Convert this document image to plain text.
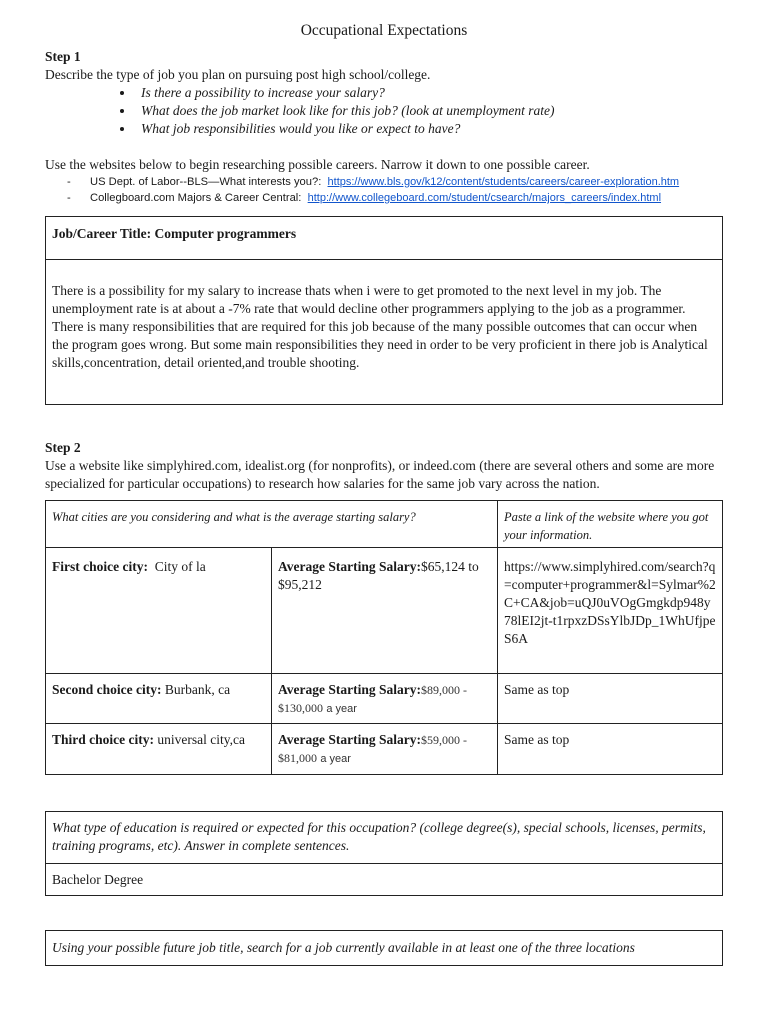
Occupational Expectations

Step 1

Describe the type of job you plan on pursuing post high school/college.

• Is there a possibility to increase your salary?
• What does the job market look like for this job? (look at unemployment rate)
• What job responsibilities would you like or expect to have?

Use the websites below to begin researching possible careers. Narrow it down to one possible career.

- US Dept. of Labor--BLS—What interests you?: https://www.bls.gov/k12/content/students/careers/career-exploration.htm
- Collegboard.com Majors & Career Central: http://www.collegeboard.com/student/csearch/majors_careers/index.html
Job/Career Title: Computer programmers
There is a possibility for my salary to increase thats when i were to get promoted to the next level in my job. The unemployment rate is at about a -7% rate that would decline other programmers applying to the job as a programmer. There is many responsibilities that are required for this job because of the many possible outcomes that can occur when the program goes wrong. But some main responsibilities they need in order to be very proficient in there job is Analytical skills,concentration, detail oriented,and trouble shooting.

Step 2

Use a website like simplyhired.com, idealist.org (for nonprofits), or indeed.com (there are several others and some are more specialized for particular occupations) to research how salaries for the same job vary across the nation.

What cities are you considering and what is the average starting salary?		Paste a link of the website where you got your information.
First choice city: City of la	Average Starting Salary:$65,124 to $95,212	https://www.simplyhired.com/search?q=computer+programmer&l=Sylmar%2C+CA&job=uQJ0uVOgGmgkdp948y78lEI2jt-t1rpxzDSsYlbJDp_1WhUfjpeS6A
Second choice city: Burbank, ca	Average Starting Salary:$89,000 - $130,000 a year	Same as top
Third choice city: universal city,ca	Average Starting Salary:$59,000 - $81,000 a year	Same as top
What type of education is required or expected for this occupation? (college degree(s), special schools, licenses, permits, training programs, etc). Answer in complete sentences.
Bachelor Degree
Using your possible future job title, search for a job currently available in at least one of the three locations
